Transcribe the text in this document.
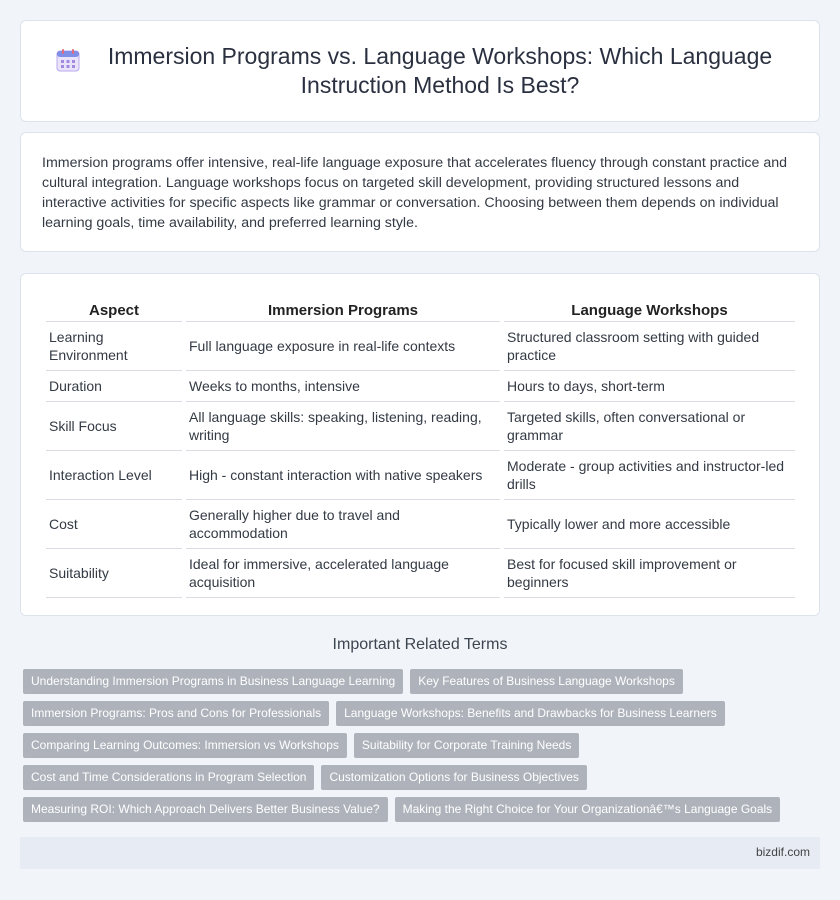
Immersion Programs vs. Language Workshops: Which Language Instruction Method Is Best?

Immersion programs offer intensive, real-life language exposure that accelerates fluency through constant practice and cultural integration. Language workshops focus on targeted skill development, providing structured lessons and interactive activities for specific aspects like grammar or conversation. Choosing between them depends on individual learning goals, time availability, and preferred learning style.

Aspect	Immersion Programs	Language Workshops
Learning Environment	Full language exposure in real-life contexts	Structured classroom setting with guided practice
Duration	Weeks to months, intensive	Hours to days, short-term
Skill Focus	All language skills: speaking, listening, reading, writing	Targeted skills, often conversational or grammar
Interaction Level	High - constant interaction with native speakers	Moderate - group activities and instructor-led drills
Cost	Generally higher due to travel and accommodation	Typically lower and more accessible
Suitability	Ideal for immersive, accelerated language acquisition	Best for focused skill improvement or beginners
Important Related Terms
Understanding Immersion Programs in Business Language Learning	Key Features of Business Language Workshops
Immersion Programs: Pros and Cons for Professionals	Language Workshops: Benefits and Drawbacks for Business Learners
Comparing Learning Outcomes: Immersion vs Workshops	Suitability for Corporate Training Needs
Cost and Time Considerations in Program Selection	Customization Options for Business Objectives
Measuring ROI: Which Approach Delivers Better Business Value?	Making the Right Choice for Your Organizationâ€™s Language Goals
bizdif.com
